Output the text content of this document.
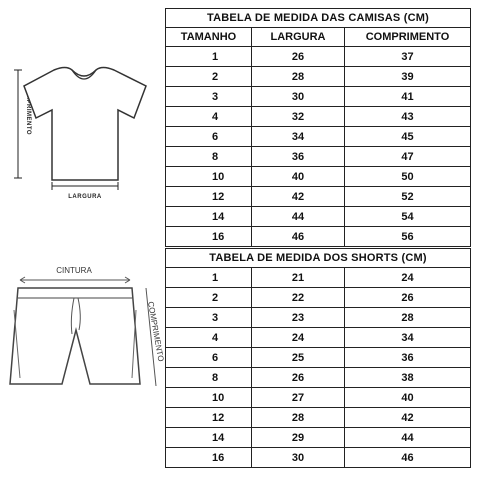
COMPRIMENTO
LARGURA
CINTURA
COMPRIMENTO
TABELA DE MEDIDA DAS CAMISAS (CM)		
TAMANHO	LARGURA	COMPRIMENTO
1	26	37
2	28	39
3	30	41
4	32	43
6	34	45
8	36	47
10	40	50
12	42	52
14	44	54
16	46	56
TABELA DE MEDIDA DOS SHORTS (CM)		
1	21	24
2	22	26
3	23	28
4	24	34
6	25	36
8	26	38
10	27	40
12	28	42
14	29	44
16	30	46
